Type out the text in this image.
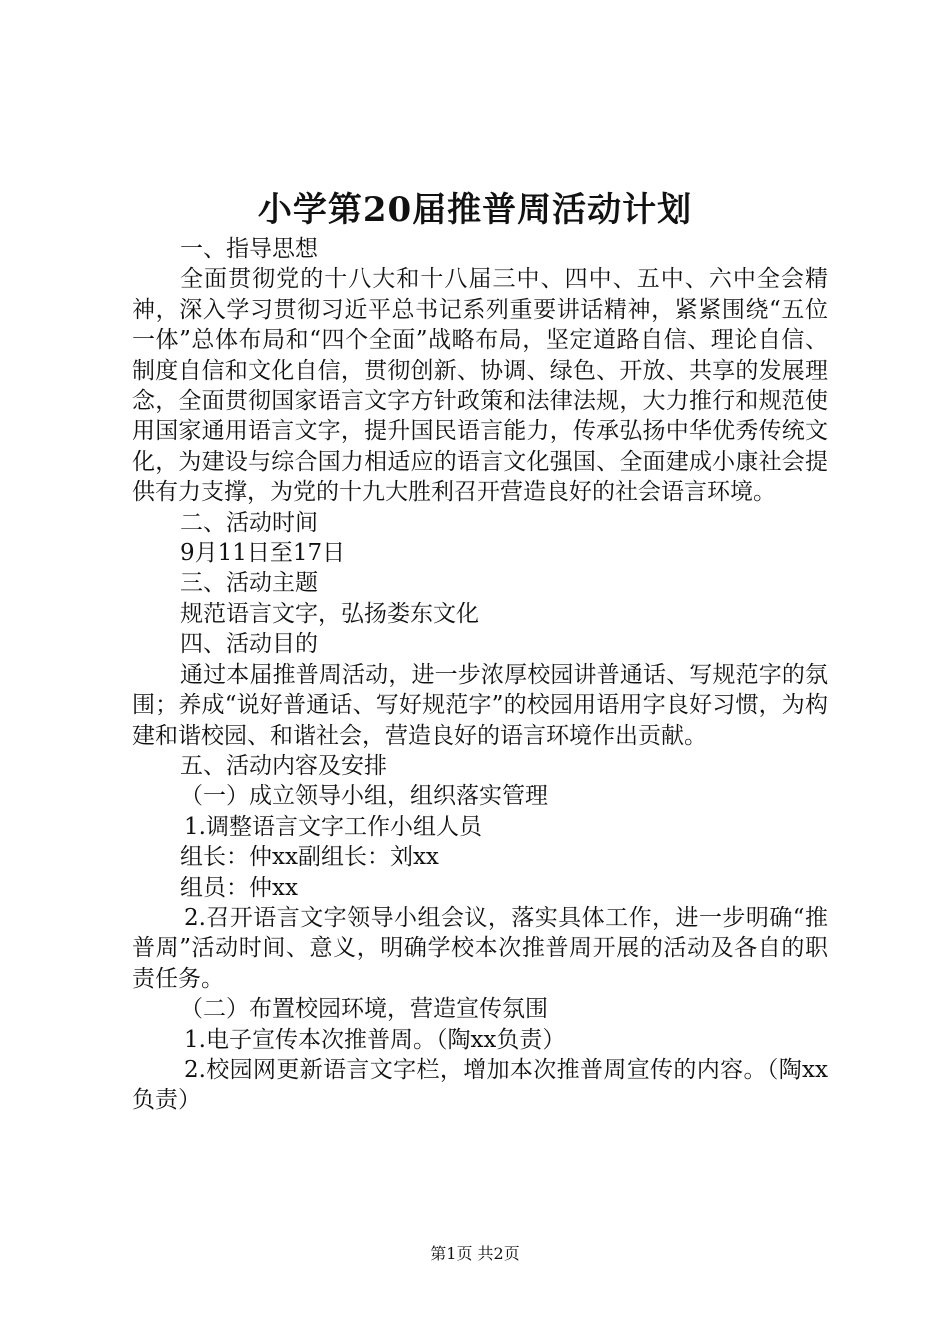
小学第20届推普周活动计划

一、指导思想

全面贯彻党的十八大和十八届三中、四中、五中、六中全会精神，深入学习贯彻习近平总书记系列重要讲话精神，紧紧围绕“五位一体”总体布局和“四个全面”战略布局，坚定道路自信、理论自信、制度自信和文化自信，贯彻创新、协调、绿色、开放、共享的发展理念，全面贯彻国家语言文字方针政策和法律法规，大力推行和规范使用国家通用语言文字，提升国民语言能力，传承弘扬中华优秀传统文化，为建设与综合国力相适应的语言文化强国、全面建成小康社会提供有力支撑，为党的十九大胜利召开营造良好的社会语言环境。

二、活动时间

9月11日至17日

三、活动主题

规范语言文字，弘扬娄东文化

四、活动目的

通过本届推普周活动，进一步浓厚校园讲普通话、写规范字的氛围；养成“说好普通话、写好规范字”的校园用语用字良好习惯，为构建和谐校园、和谐社会，营造良好的语言环境作出贡献。

五、活动内容及安排

（一）成立领导小组，组织落实管理

1.调整语言文字工作小组人员

组长：仲xx副组长：刘xx

组员：仲xx

2.召开语言文字领导小组会议，落实具体工作，进一步明确“推普周”活动时间、意义，明确学校本次推普周开展的活动及各自的职责任务。

（二）布置校园环境，营造宣传氛围

1.电子宣传本次推普周。（陶xx负责）

2.校园网更新语言文字栏，增加本次推普周宣传的内容。（陶xx负责）

第1页 共2页
